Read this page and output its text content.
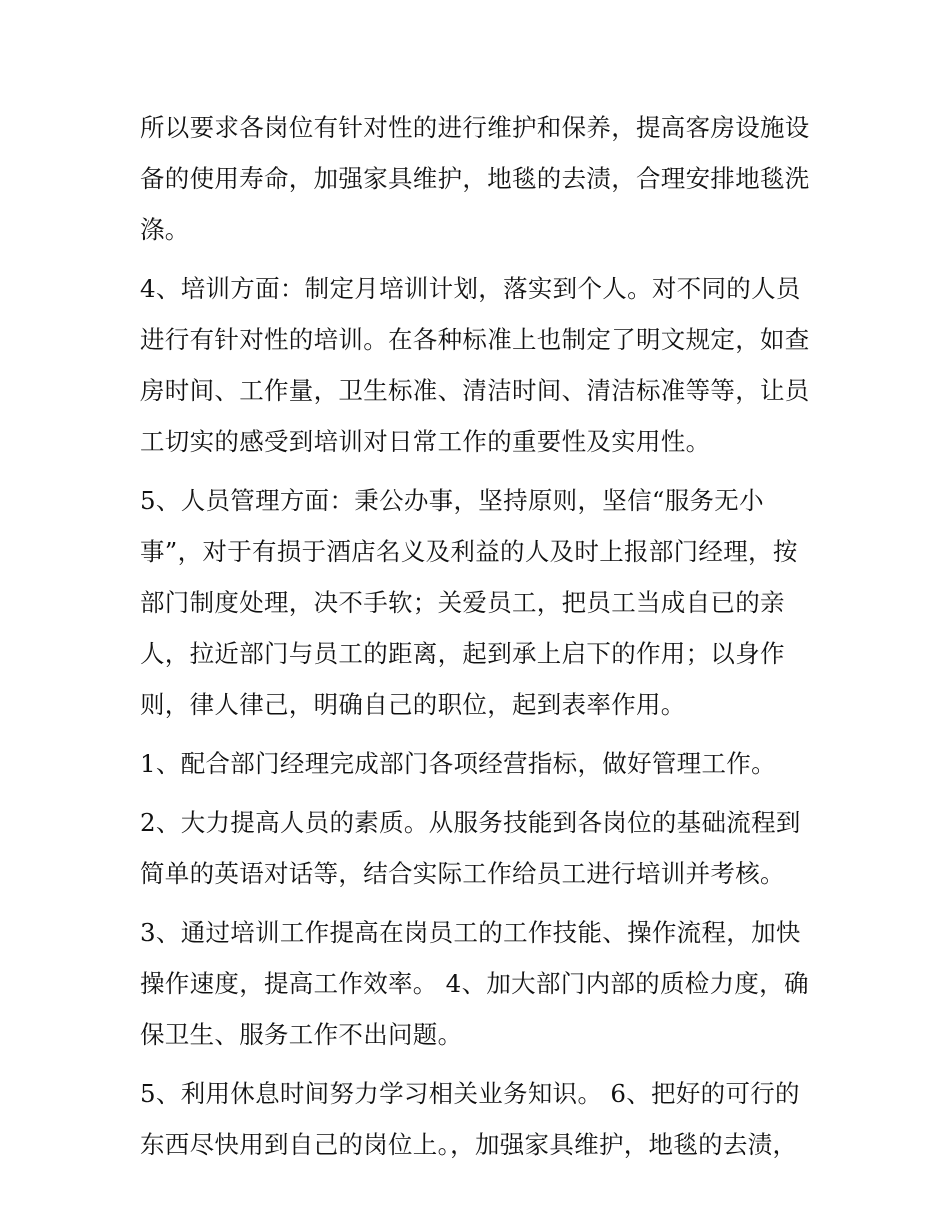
所以要求各岗位有针对性的进行维护和保养，提高客房设施设
备的使用寿命，加强家具维护，地毯的去渍，合理安排地毯洗
涤。
4、培训方面：制定月培训计划，落实到个人。对不同的人员
进行有针对性的培训。在各种标准上也制定了明文规定，如查
房时间、工作量，卫生标准、清洁时间、清洁标准等等，让员
工切实的感受到培训对日常工作的重要性及实用性。
5、人员管理方面：秉公办事，坚持原则，坚信“服务无小
事”，对于有损于酒店名义及利益的人及时上报部门经理，按
部门制度处理，决不手软；关爱员工，把员工当成自已的亲
人，拉近部门与员工的距离，起到承上启下的作用；以身作
则，律人律己，明确自己的职位，起到表率作用。
1、配合部门经理完成部门各项经营指标，做好管理工作。
2、大力提高人员的素质。从服务技能到各岗位的基础流程到
简单的英语对话等，结合实际工作给员工进行培训并考核。
3、通过培训工作提高在岗员工的工作技能、操作流程，加快
操作速度，提高工作效率。 4、加大部门内部的质检力度，确
保卫生、服务工作不出问题。
5、利用休息时间努力学习相关业务知识。 6、把好的可行的
东西尽快用到自己的岗位上。，加强家具维护，地毯的去渍，
